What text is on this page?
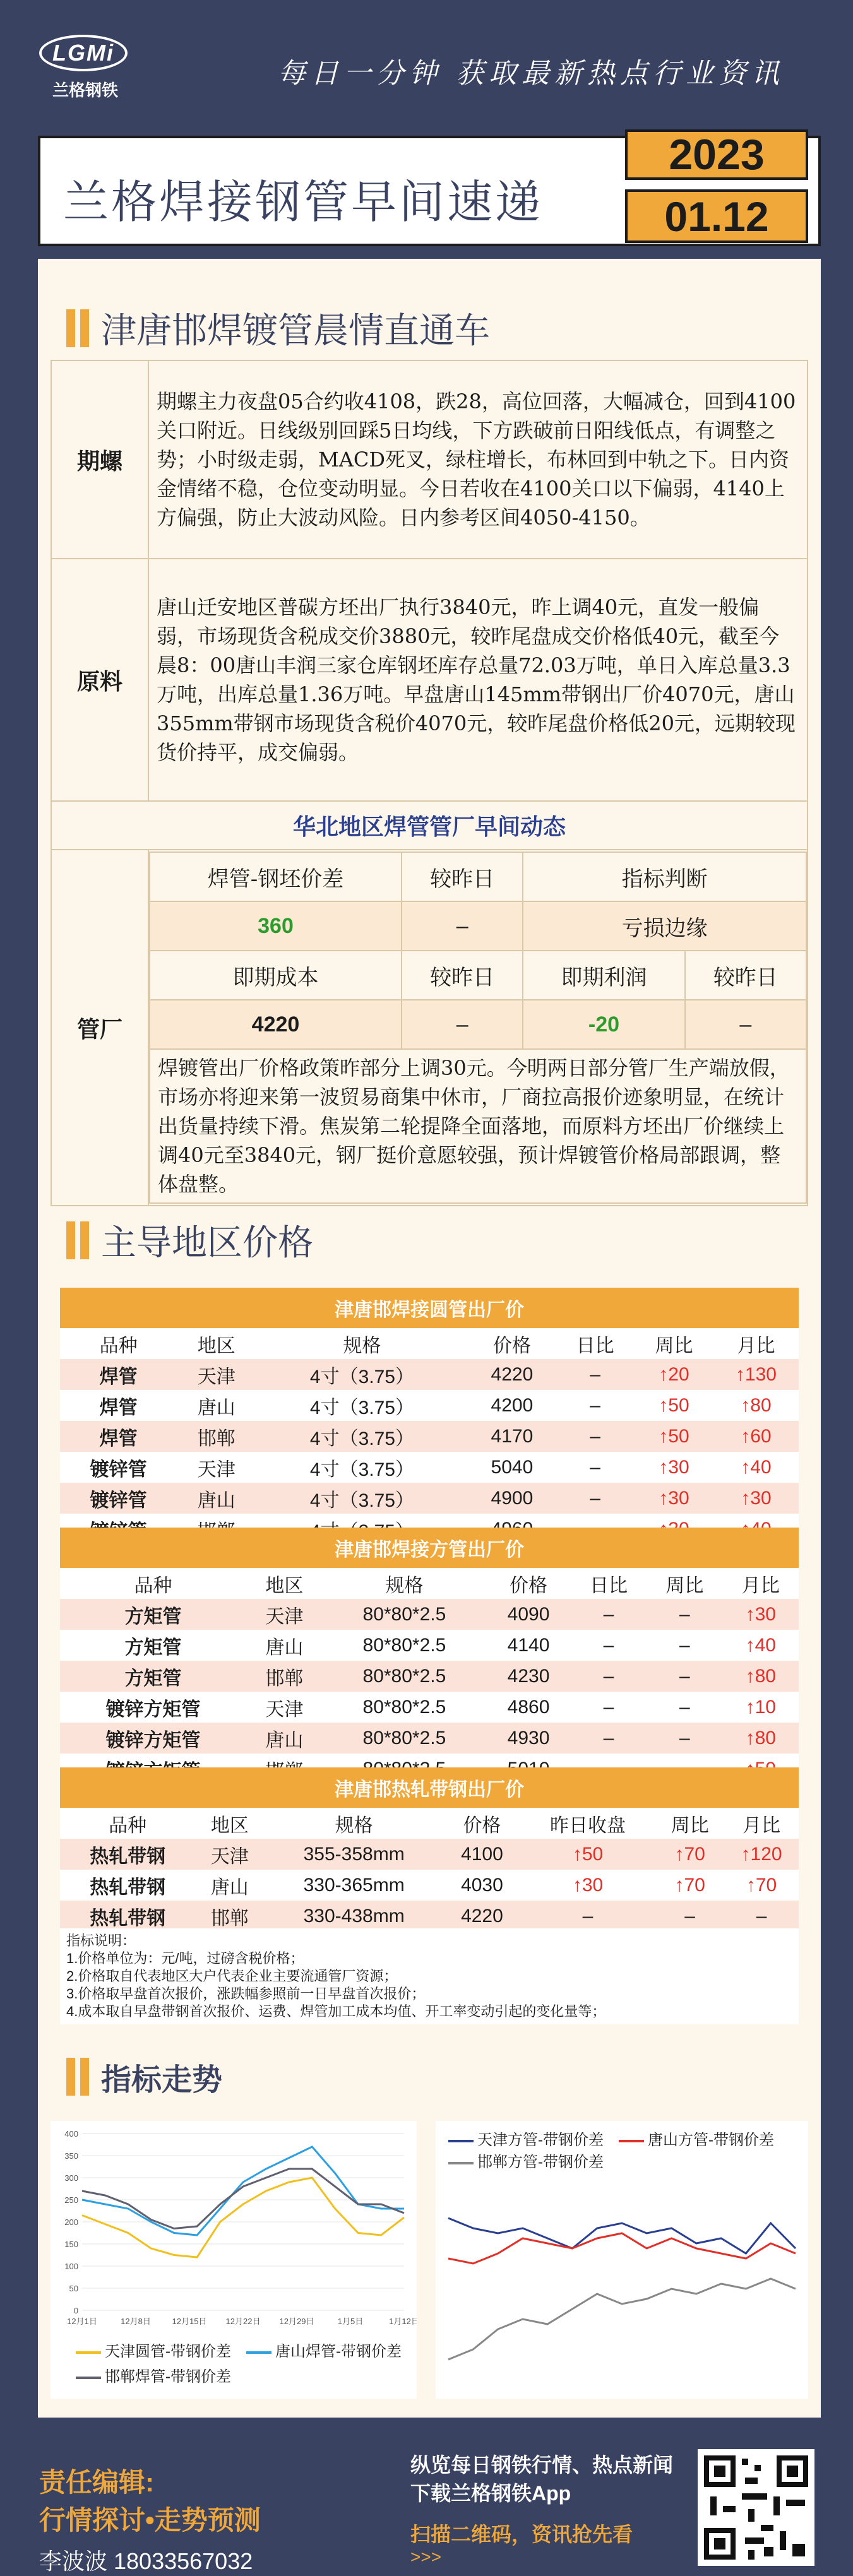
LGMi
兰格钢铁
每日一分钟 获取最新热点行业资讯
兰格焊接钢管早间速递
2023
01.12
津唐邯焊镀管晨情直通车
期螺	期螺主力夜盘05合约收4108，跌28，高位回落，大幅减仓，回到4100关口附近。日线级别回踩5日均线，下方跌破前日阳线低点，有调整之势；小时级走弱，MACD死叉，绿柱增长，布林回到中轨之下。日内资金情绪不稳，仓位变动明显。今日若收在4100关口以下偏弱，4140上方偏强，防止大波动风险。日内参考区间4050-4150。
原料	唐山迁安地区普碳方坯出厂执行3840元，昨上调40元，直发一般偏弱，市场现货含税成交价3880元，较昨尾盘成交价格低40元，截至今晨8：00唐山丰润三家仓库钢坯库存总量72.03万吨，单日入库总量3.3万吨，出库总量1.36万吨。早盘唐山145mm带钢出厂价4070元，唐山355mm带钢市场现货含税价4070元，较昨尾盘价格低20元，远期较现货价持平，成交偏弱。
华北地区焊管管厂早间动态
管厂	
焊管-钢坯价差	较昨日	指标判断
360	–	亏损边缘
即期成本	较昨日	即期利润	较昨日
4220	–	-20	–
焊镀管出厂价格政策昨部分上调30元。今明两日部分管厂生产端放假，市场亦将迎来第一波贸易商集中休市，厂商拉高报价迹象明显，在统计出货量持续下滑。焦炭第二轮提降全面落地，而原料方坯出厂价继续上调40元至3840元，钢厂挺价意愿较强，预计焊镀管价格局部跟调，整体盘整。
主导地区价格
津唐邯焊接圆管出厂价						
品种	地区	规格	价格	日比	周比	月比
焊管	天津	4寸（3.75）	4220	–	↑20	↑130
焊管	唐山	4寸（3.75）	4200	–	↑50	↑80
焊管	邯郸	4寸（3.75）	4170	–	↑50	↑60
镀锌管	天津	4寸（3.75）	5040	–	↑30	↑40
镀锌管	唐山	4寸（3.75）	4900	–	↑30	↑30

津唐邯焊接方管出厂价						
品种	地区	规格	价格	日比	周比	月比
方矩管	天津	80*80*2.5	4090	–	–	↑30
方矩管	唐山	80*80*2.5	4140	–	–	↑40
方矩管	邯郸	80*80*2.5	4230	–	–	↑80
镀锌方矩管	天津	80*80*2.5	4860	–	–	↑10
镀锌方矩管	唐山	80*80*2.5	4930	–	–	↑80

津唐邯热轧带钢出厂价						
品种	地区	规格	价格	昨日收盘	周比	月比
热轧带钢	天津	355-358mm	4100	↑50	↑70	↑120
热轧带钢	唐山	330-365mm	4030	↑30	↑70	↑70
热轧带钢	邯郸	330-438mm	4220	–	–	–
指标说明：
1.价格单位为：元/吨，过磅含税价格；
2.价格取自代表地区大户代表企业主要流通管厂资源；
3.价格取早盘首次报价，涨跌幅参照前一日早盘首次报价；
4.成本取自早盘带钢首次报价、运费、焊管加工成本均值、开工率变动引起的变化量等；
指标走势
0
50
100
150
200
250
300
350
400
12月1日	12月8日	12月15日 12月22日 12月29日	1月5日	1月12日
天津圆管-带钢价差	唐山焊管-带钢价差
邯郸焊管-带钢价差
天津方管-带钢价差	唐山方管-带钢价差
邯郸方管-带钢价差
责任编辑:
行情探讨•走势预测
李波波 18033567032
纵览每日钢铁行情、热点新闻
下载兰格钢铁App
扫描二维码，资讯抢先看
>>>
